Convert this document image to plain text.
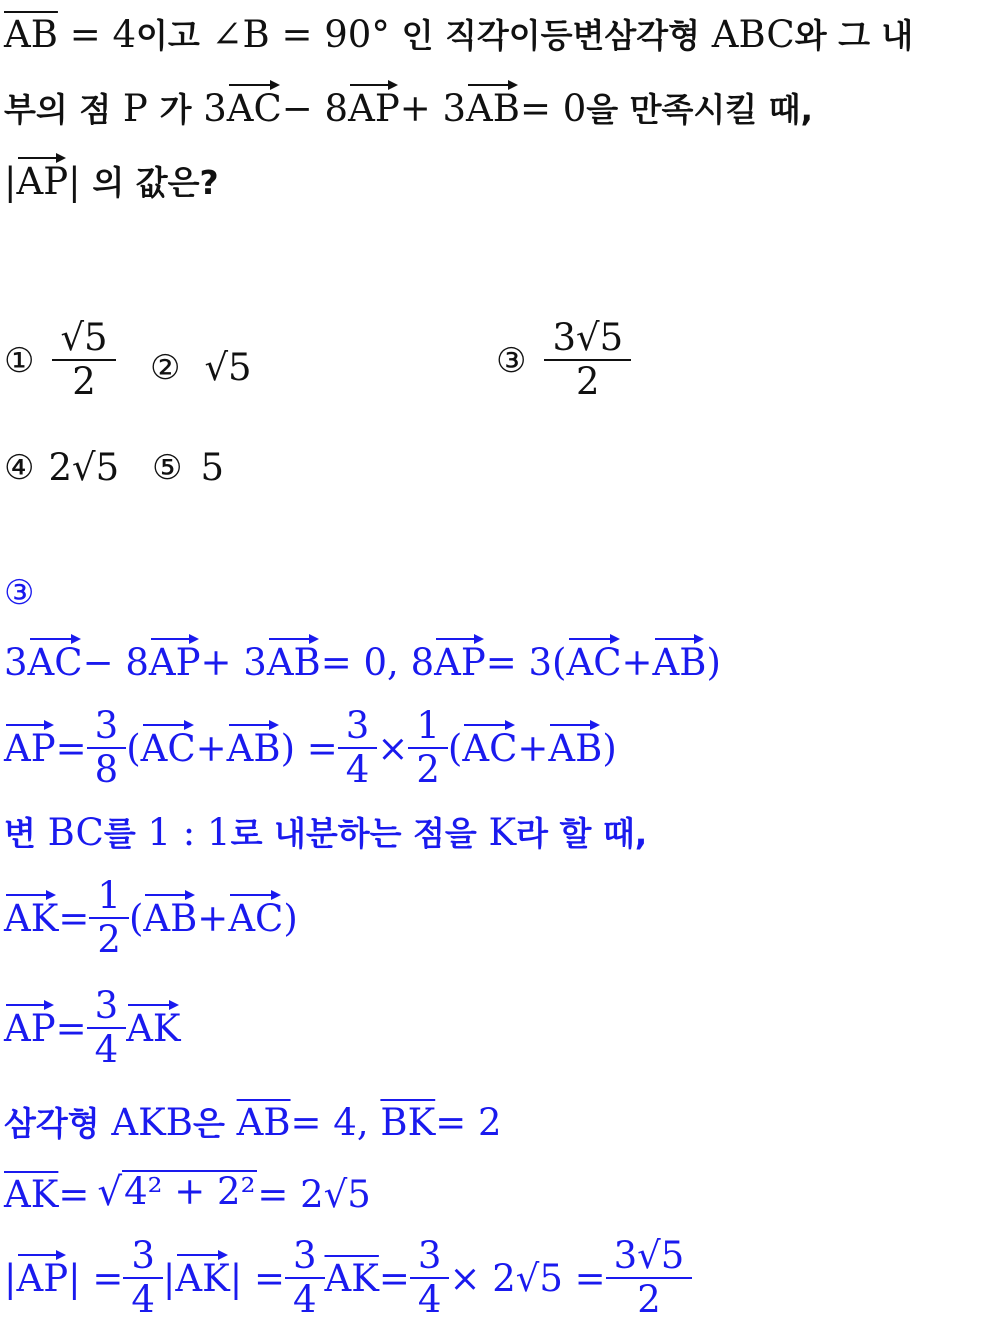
$\overline{AB} = 4$이고 ∠B = 90° 인 직각이등변삼각형 ABC와 그 내
부의 점 P 가 3AC− 8AP+ 3AB= 0을 만족시킬 때,
|AP| 의 값은?
① $\frac{√5}{2}$ ② √5	③ $\frac{3√5}{2}$
④ 2√5 ⑤ 5
③
3AC− 8AP+ 3AB= 0, 8AP= 3(AC+AB)
AP = $\frac{3}{8}$ ( AC + AB ) = $\frac{3}{4} \times \frac{1}{2}$ ( AC + AB )
변 BC를 1 : 1로 내분하는 점을 K라 할 때,
AK = $\frac{1}{2}$ ( AB + AC )
AP = $\frac{3}{4}$ AK
삼각형 AKB은 $\overline{AB}= 4$, $\overline{BK}= 2$
$\overline{AK}$ = √ 4² + 2² = 2√5
| AP | = $\frac{3}{4}$ | AK | = $\frac{3}{4} \overline{AK} = \frac{3}{4} \times 2√5 = \frac{3√5}{2}$
